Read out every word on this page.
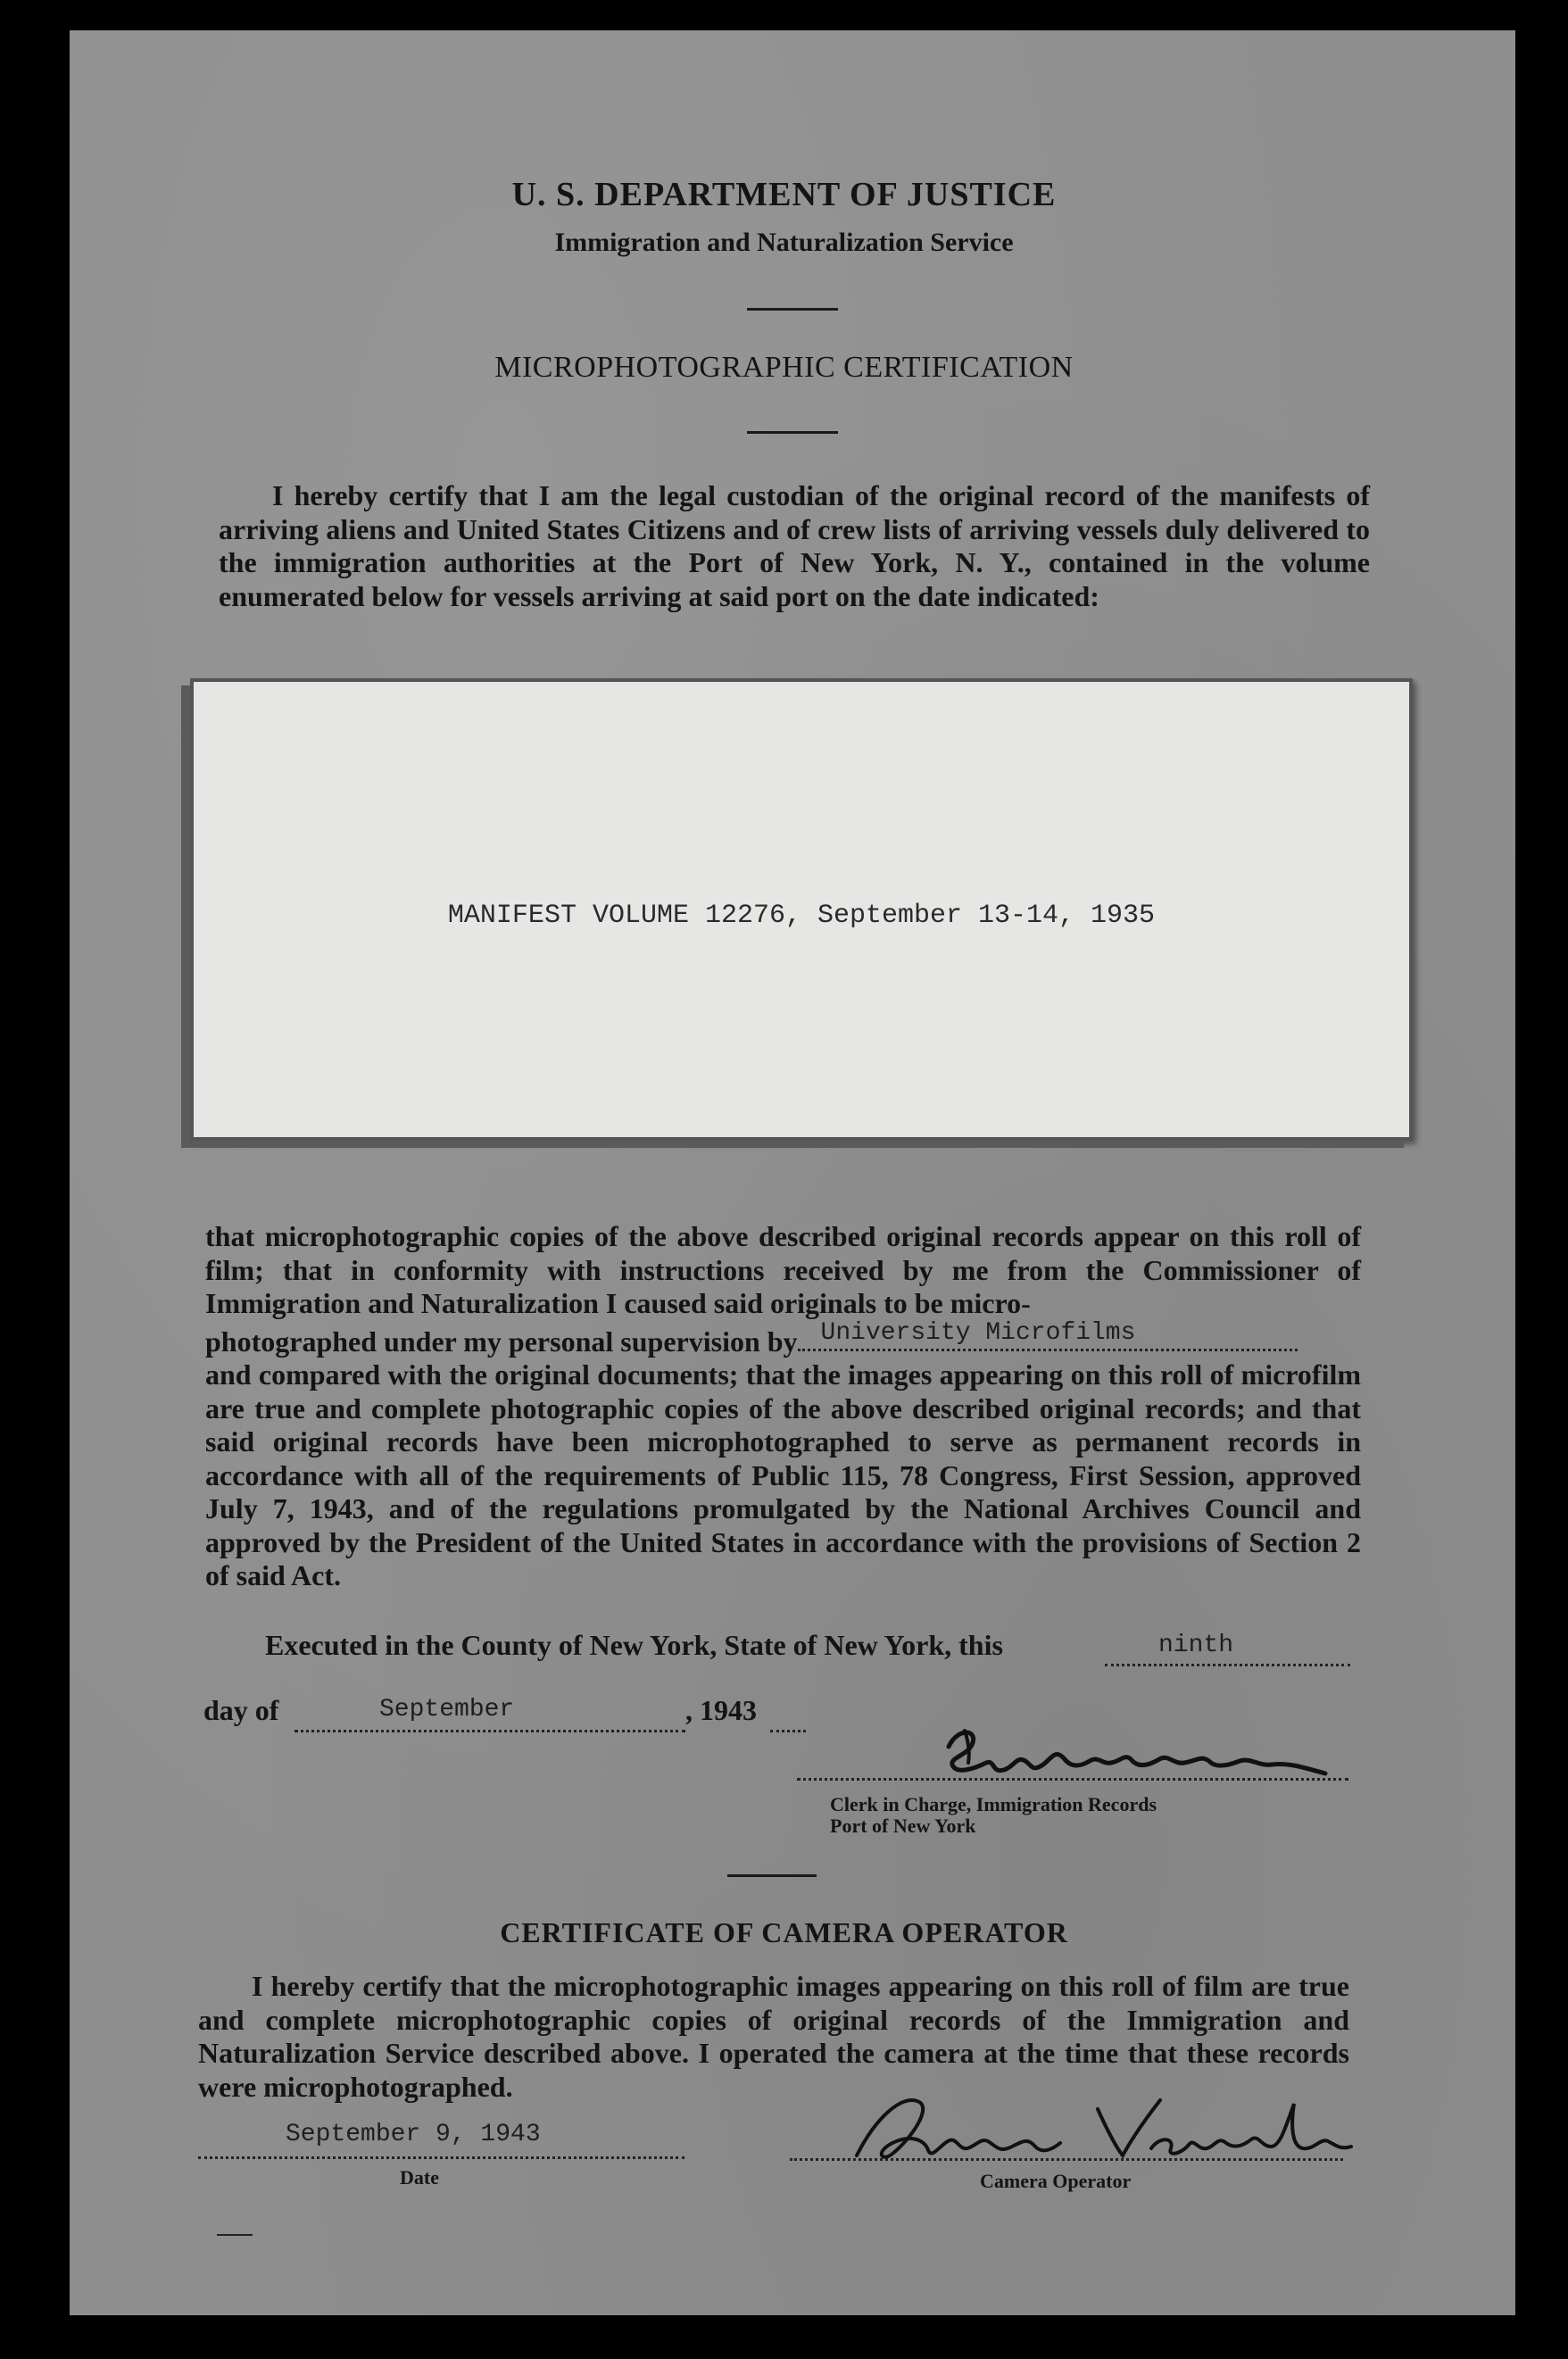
U. S. DEPARTMENT OF JUSTICE
Immigration and Naturalization Service
MICROPHOTOGRAPHIC CERTIFICATION

I hereby certify that I am the legal custodian of the original record of the manifests of arriving aliens and United States Citizens and of crew lists of arriving vessels duly delivered to the immigration authorities at the Port of New York, N. Y., contained in the volume enumerated below for vessels arriving at said port on the date indicated:

MANIFEST VOLUME 12276, September 13-14, 1935

that microphotographic copies of the above described original records appear on this roll of film; that in conformity with instructions received by me from the Commissioner of Immigration and Naturalization I caused said originals to be micro-

photographed under my personal supervision by University Microfilms

and compared with the original documents; that the images appearing on this roll of microfilm are true and complete photographic copies of the above described original records; and that said original records have been microphotographed to serve as permanent records in accordance with all of the requirements of Public 115, 78 Congress, First Session, approved July 7, 1943, and of the regulations promulgated by the National Archives Council and approved by the President of the United States in accordance with the provisions of Section 2 of said Act.

Executed in the County of New York, State of New York, this	ninth
day of	September	, 1943
Clerk in Charge, Immigration Records
Port of New York
CERTIFICATE OF CAMERA OPERATOR

I hereby certify that the microphotographic images appearing on this roll of film are true and complete microphotographic copies of original records of the Immigration and Naturalization Service described above. I operated the camera at the time that these records were microphotographed.

September 9, 1943
Date	Camera Operator
